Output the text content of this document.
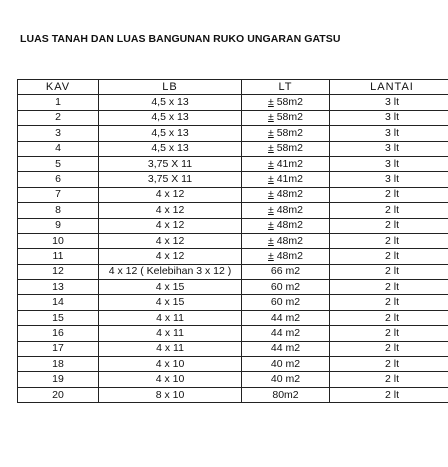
LUAS TANAH DAN LUAS BANGUNAN RUKO UNGARAN GATSU
KAV	LB	LT	LANTAI	
1	4,5 x 13	± 58m2	3 lt	
2	4,5 x 13	± 58m2	3 lt	
3	4,5 x 13	± 58m2	3 lt	
4	4,5 x 13	± 58m2	3 lt	
5	3,75 X 11	± 41m2	3 lt	
6	3,75 X 11	± 41m2	3 lt	
7	4 x 12	± 48m2	2 lt	
8	4 x 12	± 48m2	2 lt	
9	4 x 12	± 48m2	2 lt	
10	4 x 12	± 48m2	2 lt	
11	4 x 12	± 48m2	2 lt	
12	4 x 12 ( Kelebihan 3 x 12 )	66 m2	2 lt	
13	4 x 15	60 m2	2 lt	
14	4 x 15	60 m2	2 lt	
15	4 x 11	44 m2	2 lt	
16	4 x 11	44 m2	2 lt	
17	4 x 11	44 m2	2 lt	
18	4 x 10	40 m2	2 lt	
19	4 x 10	40 m2	2 lt	
20	8 x 10	80m2	2 lt	
